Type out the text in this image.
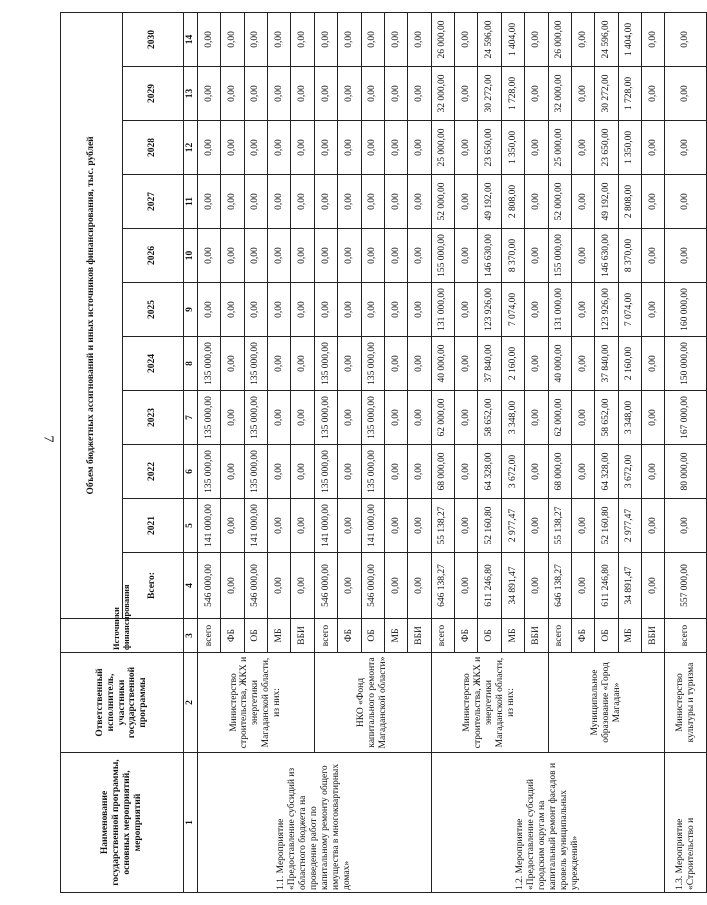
7
Наименование государственной программы, основных мероприятий, мероприятий	Ответственный исполнитель, участники государственной программы	Источники финансирования	Объем бюджетных ассигнований и иных источников финансирования, тыс. рублей										
			Всего:	2021	2022	2023	2024	2025	2026	2027	2028	2029	2030
1	2	3	4	5	6	7	8	9	10	11	12	13	14
1.1. Мероприятие «Предоставление субсидий из областного бюджета на проведение работ по капитальному ремонту общего имущества в многоквартирных домах»	Министерство строительства, ЖКХ и энергетики Магаданской области, из них:	всего	546 000,00	141 000,00	135 000,00	135 000,00	135 000,00	0,00	0,00	0,00	0,00	0,00	0,00
		ФБ	0,00	0,00	0,00	0,00	0,00	0,00	0,00	0,00	0,00	0,00	0,00
		ОБ	546 000,00	141 000,00	135 000,00	135 000,00	135 000,00	0,00	0,00	0,00	0,00	0,00	0,00
		МБ	0,00	0,00	0,00	0,00	0,00	0,00	0,00	0,00	0,00	0,00	0,00
		ВБИ	0,00	0,00	0,00	0,00	0,00	0,00	0,00	0,00	0,00	0,00	0,00
	НКО «Фонд капитального ремонта Магаданской области»	всего	546 000,00	141 000,00	135 000,00	135 000,00	135 000,00	0,00	0,00	0,00	0,00	0,00	0,00
		ФБ	0,00	0,00	0,00	0,00	0,00	0,00	0,00	0,00	0,00	0,00	0,00
		ОБ	546 000,00	141 000,00	135 000,00	135 000,00	135 000,00	0,00	0,00	0,00	0,00	0,00	0,00
		МБ	0,00	0,00	0,00	0,00	0,00	0,00	0,00	0,00	0,00	0,00	0,00
		ВБИ	0,00	0,00	0,00	0,00	0,00	0,00	0,00	0,00	0,00	0,00	0,00
1.2. Мероприятие «Предоставление субсидий городским округам на капитальный ремонт фасадов и кровель муниципальных учреждений»	Министерство строительства, ЖКХ и энергетики Магаданской области, из них:	всего	646 138,27	55 138,27	68 000,00	62 000,00	40 000,00	131 000,00	155 000,00	52 000,00	25 000,00	32 000,00	26 000,00
		ФБ	0,00	0,00	0,00	0,00	0,00	0,00	0,00	0,00	0,00	0,00	0,00
		ОБ	611 246,80	52 160,80	64 328,00	58 652,00	37 840,00	123 926,00	146 630,00	49 192,00	23 650,00	30 272,00	24 596,00
		МБ	34 891,47	2 977,47	3 672,00	3 348,00	2 160,00	7 074,00	8 370,00	2 808,00	1 350,00	1 728,00	1 404,00
		ВБИ	0,00	0,00	0,00	0,00	0,00	0,00	0,00	0,00	0,00	0,00	0,00
	Муниципальное образование «Город Магадан»	всего	646 138,27	55 138,27	68 000,00	62 000,00	40 000,00	131 000,00	155 000,00	52 000,00	25 000,00	32 000,00	26 000,00
		ФБ	0,00	0,00	0,00	0,00	0,00	0,00	0,00	0,00	0,00	0,00	0,00
		ОБ	611 246,80	52 160,80	64 328,00	58 652,00	37 840,00	123 926,00	146 630,00	49 192,00	23 650,00	30 272,00	24 596,00
		МБ	34 891,47	2 977,47	3 672,00	3 348,00	2 160,00	7 074,00	8 370,00	2 808,00	1 350,00	1 728,00	1 404,00
		ВБИ	0,00	0,00	0,00	0,00	0,00	0,00	0,00	0,00	0,00	0,00	0,00
1.3. Мероприятие «Строительство и	Министерство культуры и туризма	всего	557 000,00	0,00	80 000,00	167 000,00	150 000,00	160 000,00	0,00	0,00	0,00	0,00	0,00
